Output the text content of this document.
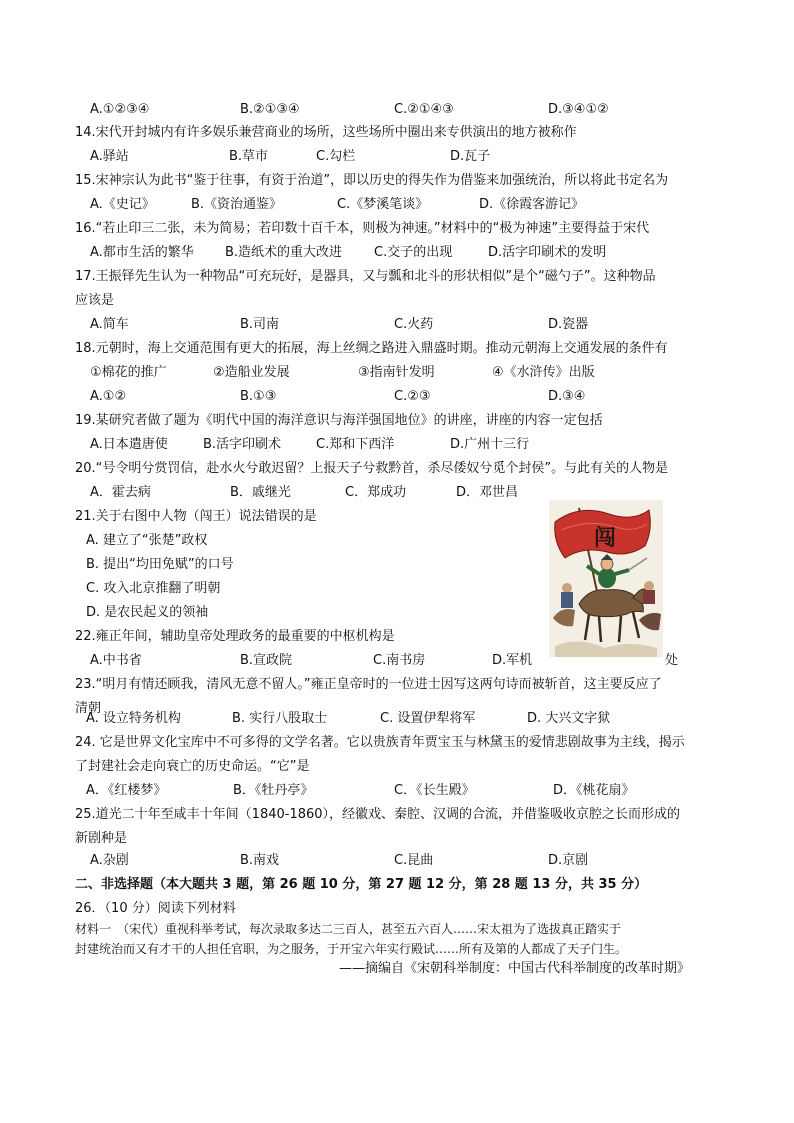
A.①②③④	B.②①③④	C.②①④③	D.③④①②
14.宋代开封城内有许多娱乐兼营商业的场所，这些场所中圈出来专供演出的地方被称作
A.驿站	B.草市	C.勾栏	D.瓦子
15.宋神宗认为此书“鉴于往事，有资于治道”，即以历史的得失作为借鉴来加强统治，所以将此书定名为
A.《史记》	B.《资治通鉴》	C.《梦溪笔谈》	D.《徐霞客游记》
16.“若止印三二张，未为简易；若印数十百千本，则极为神速。”材料中的“极为神速”主要得益于宋代
A.都市生活的繁华 B.造纸术的重大改进 C.交子的出现	D.活字印刷术的发明
17.王振铎先生认为一种物品“可充玩好，是器具，又与瓢和北斗的形状相似”是个“磁勺子”。这种物品
应该是
A.简车	B.司南	C.火药	D.瓷器
18.元朝时，海上交通范围有更大的拓展，海上丝绸之路进入鼎盛时期。推动元朝海上交通发展的条件有
①棉花的推广	②造船业发展	③指南针发明	④《水浒传》出版
A.①②	B.①③	C.②③	D.③④
19.某研究者做了题为《明代中国的海洋意识与海洋强国地位》的讲座，讲座的内容一定包括
A.日本遣唐使	B.活字印刷术	C.郑和下西洋	D.广州十三行
20.“号令明兮赏罚信，赴水火兮敢迟留？上报天子兮救黔首，杀尽倭奴兮觅个封侯”。与此有关的人物是
A．霍去病	B．戚继光	C．郑成功	D．邓世昌
21.关于右图中人物（闯王）说法错误的是
A. 建立了“张楚”政权
B. 提出“均田免赋”的口号
C. 攻入北京推翻了明朝
D. 是农民起义的领袖
闯
22.雍正年间，辅助皇帝处理政务的最重要的中枢机构是
A.中书省	B.宣政院	C.南书房	D.军机	处
23.“明月有情还顾我，清风无意不留人。”雍正皇帝时的一位进士因写这两句诗而被斩首，这主要反应了
清朝
A. 设立特务机构	B. 实行八股取士	C. 设置伊犁将军	D. 大兴文字狱
24. 它是世界文化宝库中不可多得的文学名著。它以贵族青年贾宝玉与林黛玉的爱情悲剧故事为主线，揭示
了封建社会走向衰亡的历史命运。“它”是
A．《红楼梦》	B．《牡丹亭》	C．《长生殿》	D．《桃花扇》
25.道光二十年至咸丰十年间（1840-1860），经徽戏、秦腔、汉调的合流，并借鉴吸收京腔之长而形成的
新剧种是
A.杂剧	B.南戏	C.昆曲	D.京剧
二、非选择题（本大题共 3 题，第 26 题 10 分，第 27 题 12 分，第 28 题 13 分，共 35 分）
26．（10 分）阅读下列材料
材料一　（宋代）重视科举考试，每次录取多达二三百人，甚至五六百人……宋太祖为了选拔真正踏实于
封建统治而又有才干的人担任官职，为之服务，于开宝六年实行殿试……所有及第的人都成了天子门生。
——摘编自《宋朝科举制度：中国古代科举制度的改革时期》
